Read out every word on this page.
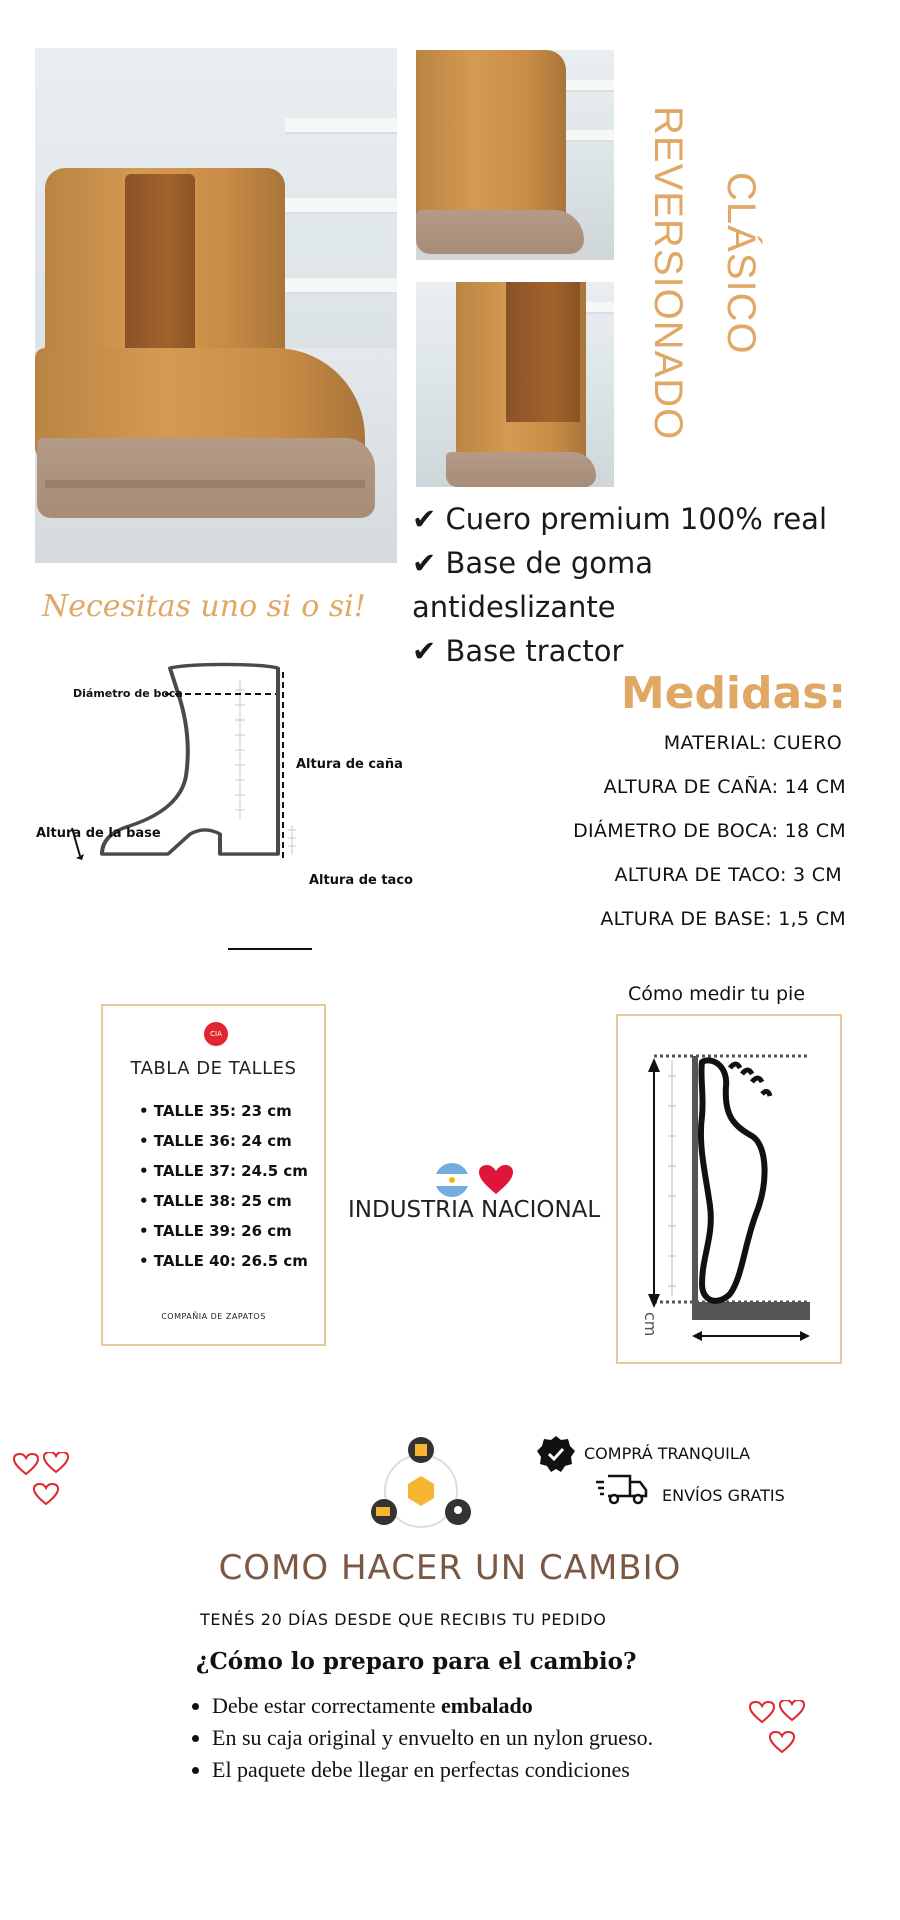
CLÁSICO
REVERSIONADO
✔ Cuero premium 100% real
✔ Base de goma
antideslizante
✔ Base tractor
Necesitas uno si o si!
Diámetro de boca
Altura de caña
Altura de la base
Altura de taco
Medidas:
MATERIAL: CUERO
ALTURA DE CAÑA: 14 CM
DIÁMETRO DE BOCA: 18 CM
ALTURA DE TACO: 3 CM
ALTURA DE BASE: 1,5 CM
CIA
TABLA DE TALLES
• TALLE 35: 23 cm
• TALLE 36: 24 cm
• TALLE 37: 24.5 cm
• TALLE 38: 25 cm
• TALLE 39: 26 cm
• TALLE 40: 26.5 cm
COMPAÑIA DE ZAPATOS
INDUSTRIA NACIONAL
Cómo medir tu pie
cm
COMPRÁ TRANQUILA
ENVÍOS GRATIS
COMO HACER UN CAMBIO
TENÉS 20 DÍAS DESDE QUE RECIBIS TU PEDIDO
¿Cómo lo preparo para el cambio?
• Debe estar correctamente embalado
• En su caja original y envuelto en un nylon grueso.
• El paquete debe llegar en perfectas condiciones
